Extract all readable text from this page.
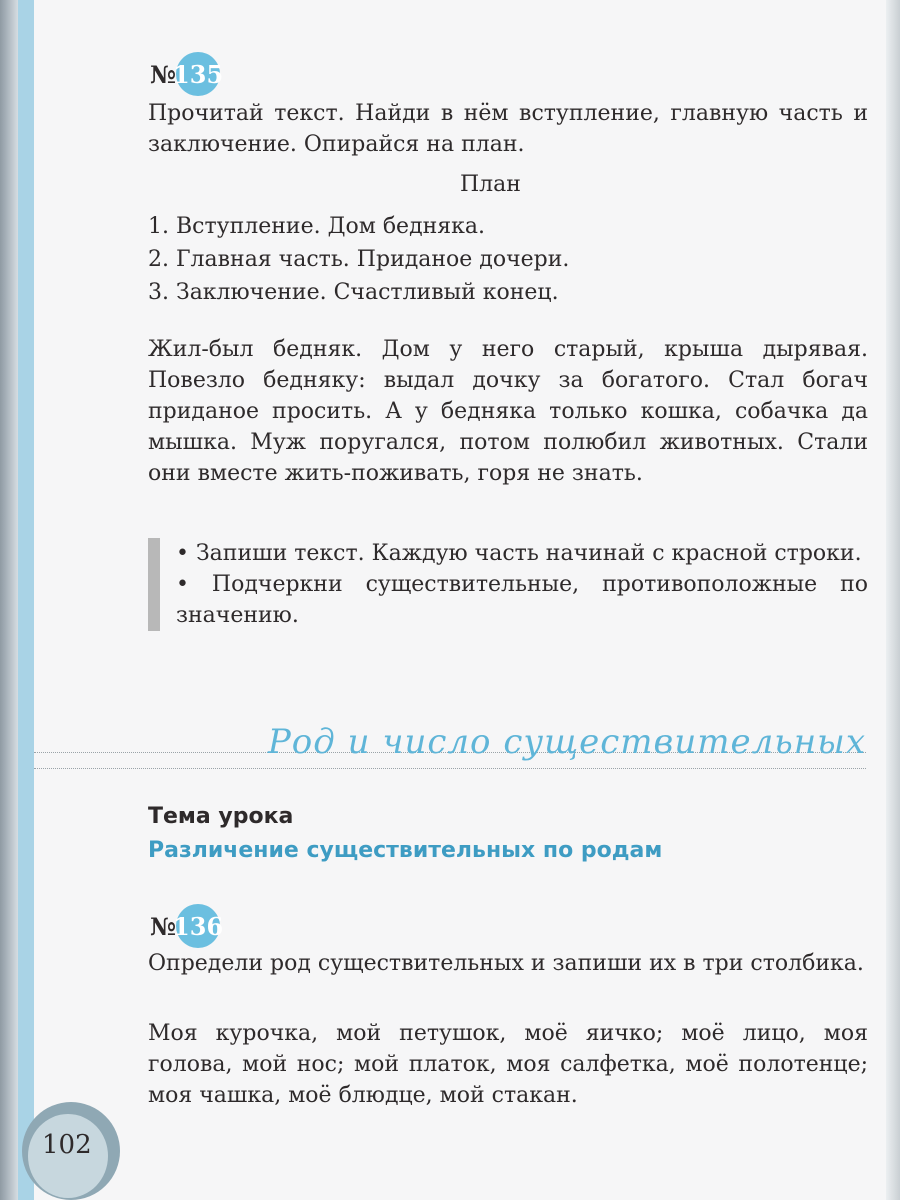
№
135
Прочитай текст. Найди в нём вступление, главную часть и заключение. Опирайся на план.
План
1. Вступление. Дом бедняка.
2. Главная часть. Приданое дочери.
3. Заключение. Счастливый конец.
Жил-был бедняк. Дом у него старый, крыша дырявая. Повезло бедняку: выдал дочку за богатого. Стал богач приданое просить. А у бедняка только кошка, собачка да мышка. Муж поругался, потом полюбил животных. Стали они вместе жить-поживать, горя не знать.
• Запиши текст. Каждую часть начинай с красной строки.
• Подчеркни существительные, противоположные по значению.
Род и число существительных
Тема урока
Различение существительных по родам
№
136
Определи род существительных и запиши их в три столбика.
Моя курочка, мой петушок, моё яичко; моё лицо, моя голова, мой нос; мой платок, моя салфетка, моё полотенце; моя чашка, моё блюдце, мой стакан.
102
